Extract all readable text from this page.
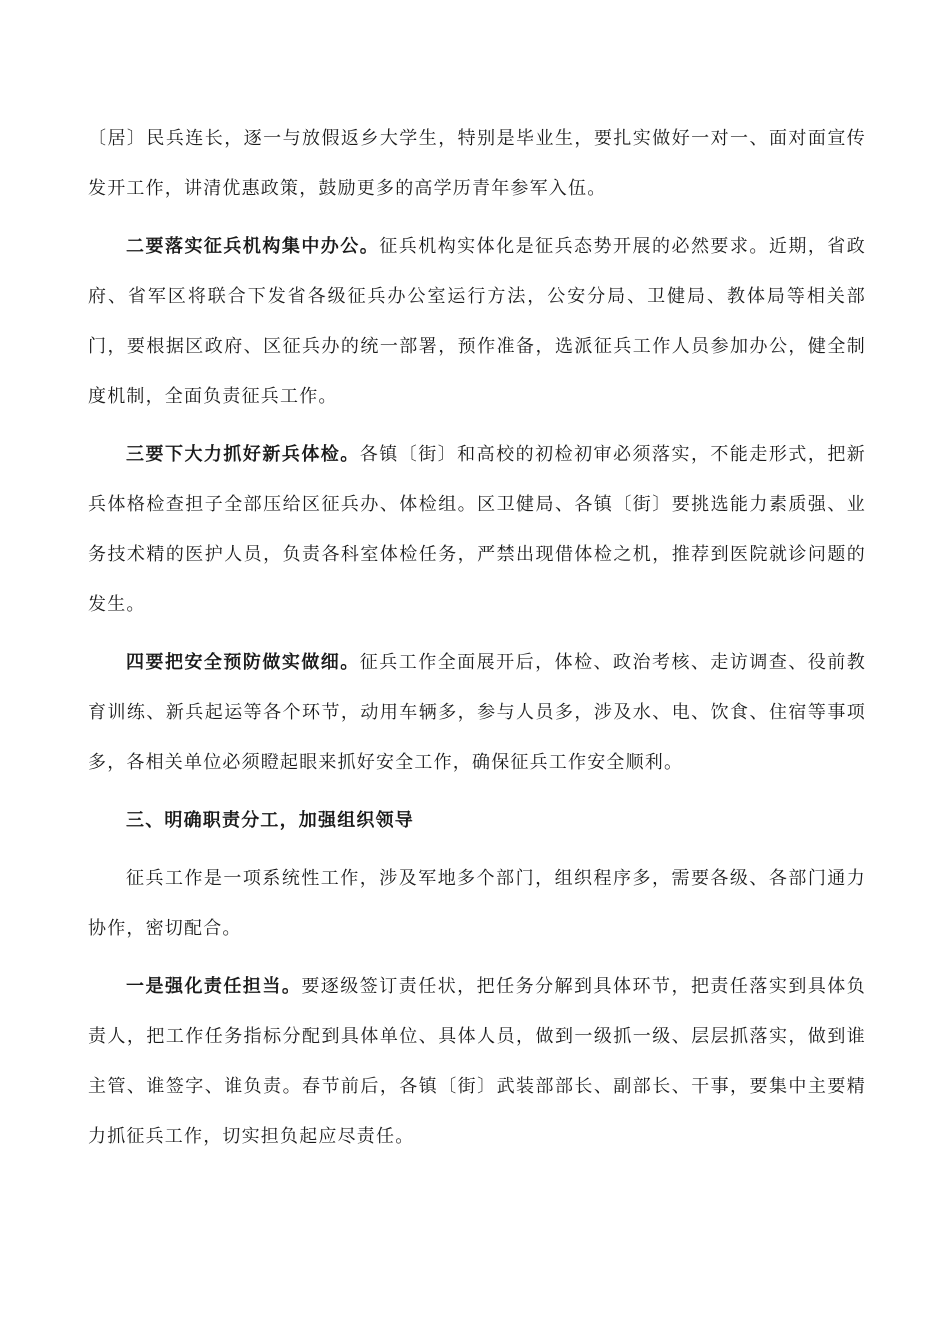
〔居〕民兵连长，逐一与放假返乡大学生，特别是毕业生，要扎实做好一对一、面对面宣传发开工作，讲清优惠政策，鼓励更多的高学历青年参军入伍。

二要落实征兵机构集中办公。征兵机构实体化是征兵态势开展的必然要求。近期，省政府、省军区将联合下发省各级征兵办公室运行方法，公安分局、卫健局、教体局等相关部门，要根据区政府、区征兵办的统一部署，预作准备，选派征兵工作人员参加办公，健全制度机制，全面负责征兵工作。

三要下大力抓好新兵体检。各镇〔街〕和高校的初检初审必须落实，不能走形式，把新兵体格检查担子全部压给区征兵办、体检组。区卫健局、各镇〔街〕要挑选能力素质强、业务技术精的医护人员，负责各科室体检任务，严禁出现借体检之机，推荐到医院就诊问题的发生。

四要把安全预防做实做细。征兵工作全面展开后，体检、政治考核、走访调查、役前教育训练、新兵起运等各个环节，动用车辆多，参与人员多，涉及水、电、饮食、住宿等事项多，各相关单位必须瞪起眼来抓好安全工作，确保征兵工作安全顺利。

三、明确职责分工，加强组织领导

征兵工作是一项系统性工作，涉及军地多个部门，组织程序多，需要各级、各部门通力协作，密切配合。

一是强化责任担当。要逐级签订责任状，把任务分解到具体环节，把责任落实到具体负责人，把工作任务指标分配到具体单位、具体人员，做到一级抓一级、层层抓落实，做到谁主管、谁签字、谁负责。春节前后，各镇〔街〕武装部部长、副部长、干事，要集中主要精力抓征兵工作，切实担负起应尽责任。
